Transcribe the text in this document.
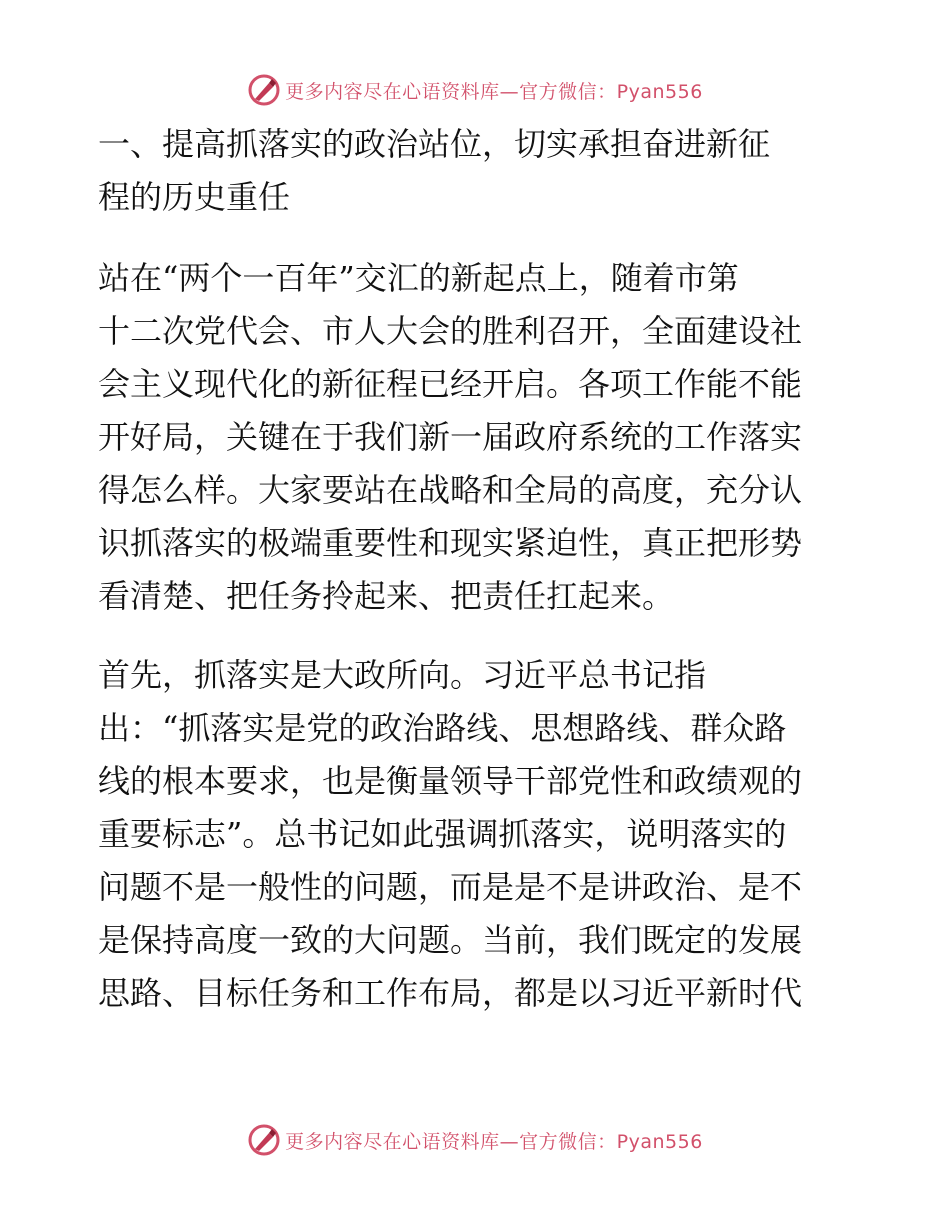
更多内容尽在心语资料库—官方微信：Pyan556
一、提高抓落实的政治站位，切实承担奋进新征
程的历史重任
站在“两个一百年”交汇的新起点上，随着市第
十二次党代会、市人大会的胜利召开，全面建设社
会主义现代化的新征程已经开启。各项工作能不能
开好局，关键在于我们新一届政府系统的工作落实
得怎么样。大家要站在战略和全局的高度，充分认
识抓落实的极端重要性和现实紧迫性，真正把形势
看清楚、把任务拎起来、把责任扛起来。
首先，抓落实是大政所向。习近平总书记指
出：“抓落实是党的政治路线、思想路线、群众路
线的根本要求，也是衡量领导干部党性和政绩观的
重要标志”。总书记如此强调抓落实，说明落实的
问题不是一般性的问题，而是是不是讲政治、是不
是保持高度一致的大问题。当前，我们既定的发展
思路、目标任务和工作布局，都是以习近平新时代
更多内容尽在心语资料库—官方微信：Pyan556
